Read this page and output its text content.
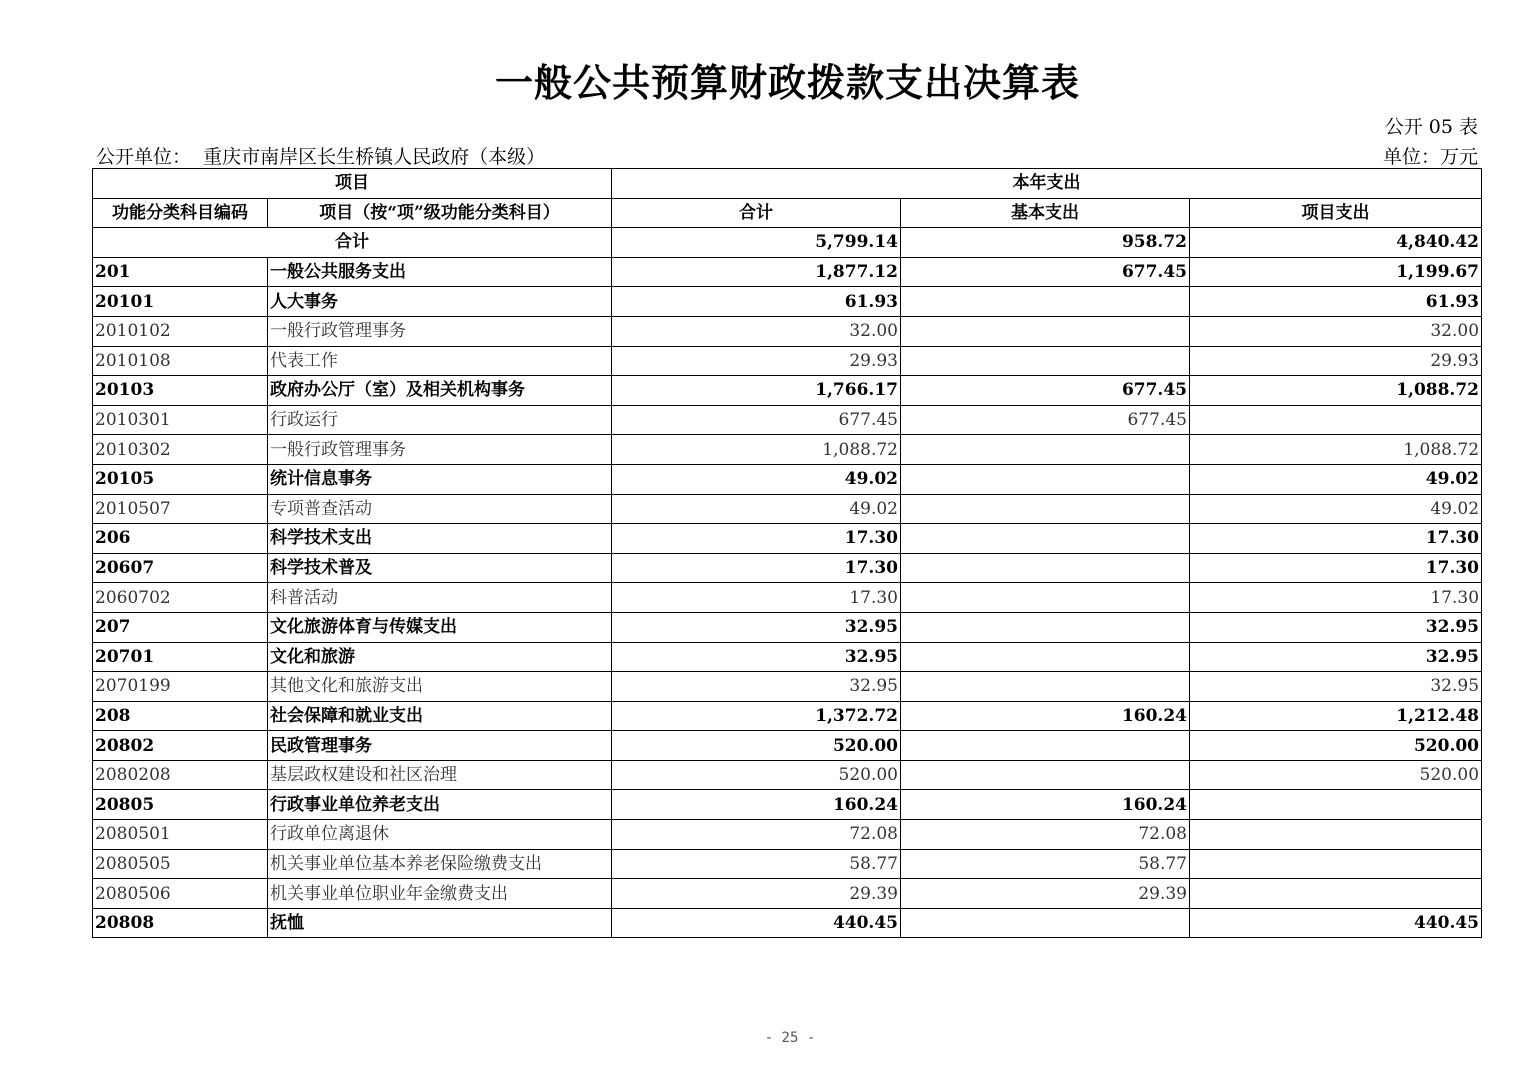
一般公共预算财政拨款支出决算表
公开 05 表
公开单位： 重庆市南岸区长生桥镇人民政府（本级）	单位：万元
项目		本年支出		
功能分类科目编码	项目（按“项”级功能分类科目）	合计	基本支出	项目支出
合计		5,799.14	958.72	4,840.42
201	一般公共服务支出	1,877.12	677.45	1,199.67
20101	人大事务	61.93		61.93
2010102	一般行政管理事务	32.00		32.00
2010108	代表工作	29.93		29.93
20103	政府办公厅（室）及相关机构事务	1,766.17	677.45	1,088.72
2010301	行政运行	677.45	677.45	
2010302	一般行政管理事务	1,088.72		1,088.72
20105	统计信息事务	49.02		49.02
2010507	专项普查活动	49.02		49.02
206	科学技术支出	17.30		17.30
20607	科学技术普及	17.30		17.30
2060702	科普活动	17.30		17.30
207	文化旅游体育与传媒支出	32.95		32.95
20701	文化和旅游	32.95		32.95
2070199	其他文化和旅游支出	32.95		32.95
208	社会保障和就业支出	1,372.72	160.24	1,212.48
20802	民政管理事务	520.00		520.00
2080208	基层政权建设和社区治理	520.00		520.00
20805	行政事业单位养老支出	160.24	160.24	
2080501	行政单位离退休	72.08	72.08	
2080505	机关事业单位基本养老保险缴费支出	58.77	58.77	
2080506	机关事业单位职业年金缴费支出	29.39	29.39	
20808	抚恤	440.45		440.45
- 25 -
